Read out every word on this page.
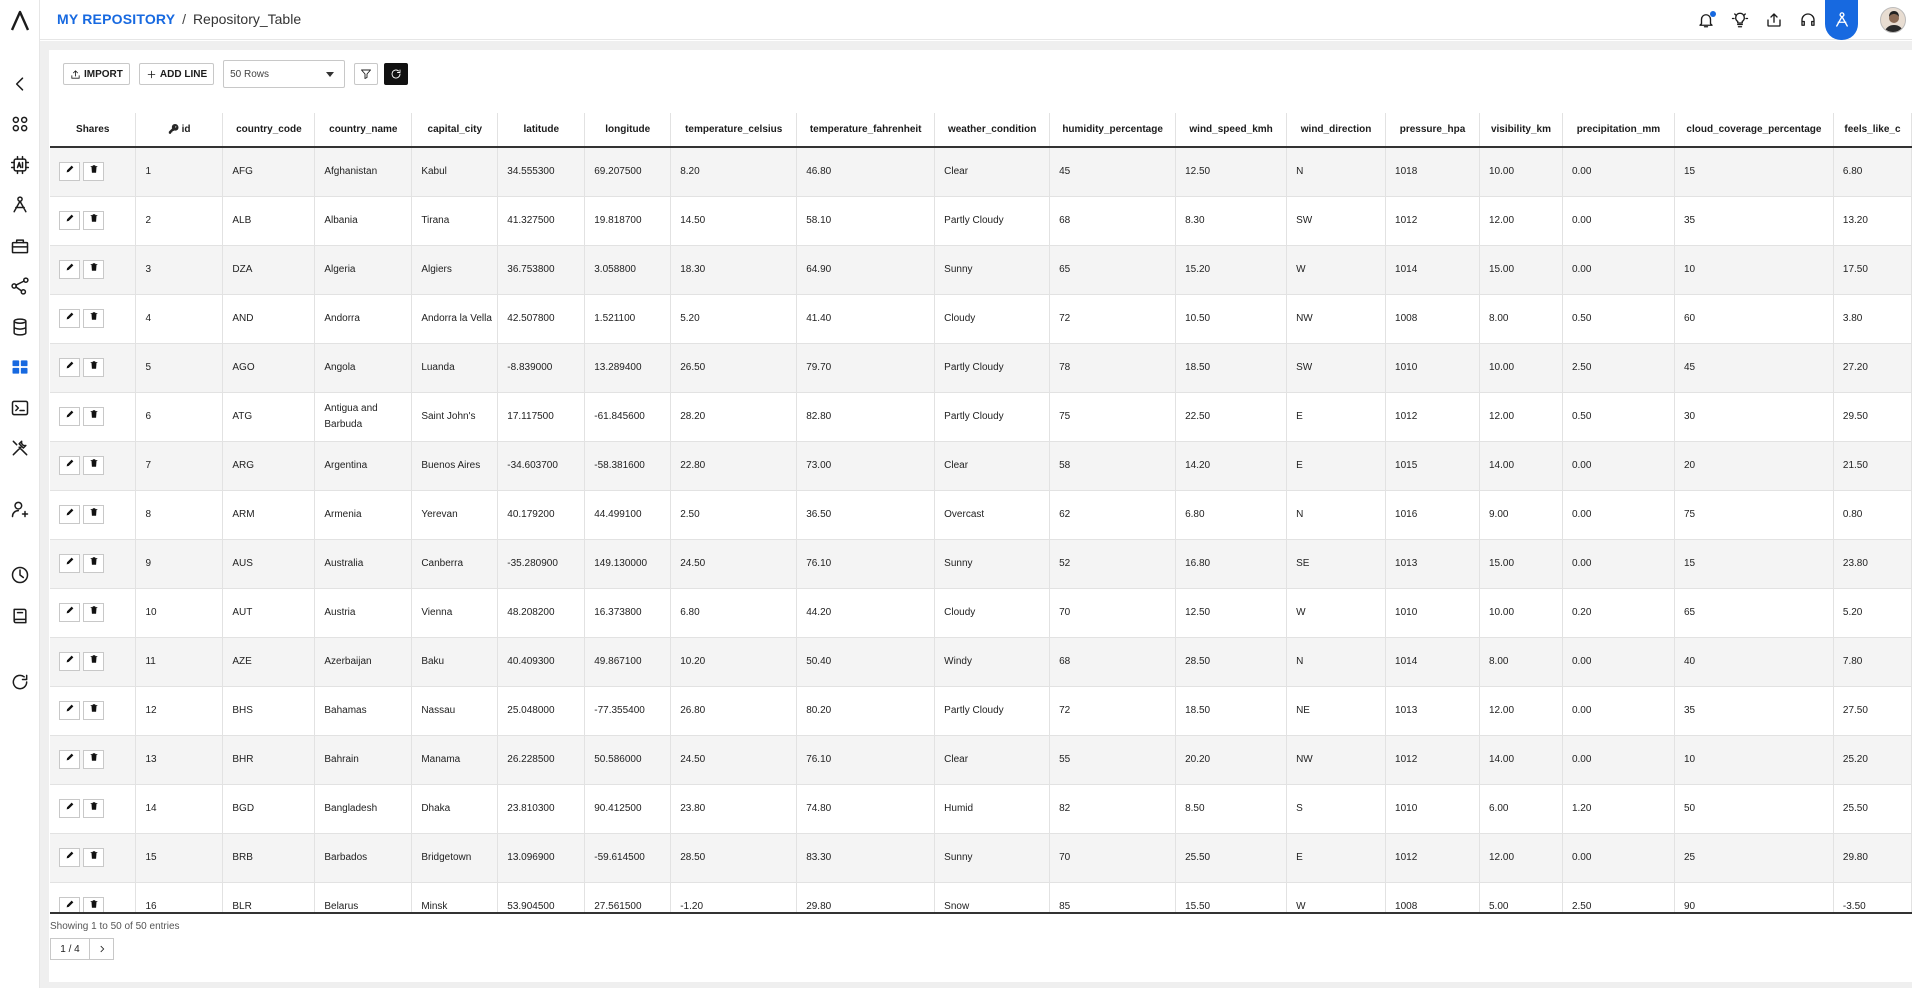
MY REPOSITORY / Repository_Table
IMPORT	ADD LINE 50 Rows
Shares	🔑 id	country_code	country_name	capital_city	latitude	longitude	temperature_celsius	temperature_fahrenheit	weather_condition	humidity_percentage	wind_speed_kmh	wind_direction	pressure_hpa	visibility_km	precipitation_mm	cloud_coverage_percentage	feels_like_c

	1	AFG	Afghanistan	Kabul	34.555300	69.207500	8.20	46.80	Clear	45	12.50	N	1018	10.00	0.00	15	6.80

	2	ALB	Albania	Tirana	41.327500	19.818700	14.50	58.10	Partly Cloudy	68	8.30	SW	1012	12.00	0.00	35	13.20

	3	DZA	Algeria	Algiers	36.753800	3.058800	18.30	64.90	Sunny	65	15.20	W	1014	15.00	0.00	10	17.50

	4	AND	Andorra	Andorra la Vella	42.507800	1.521100	5.20	41.40	Cloudy	72	10.50	NW	1008	8.00	0.50	60	3.80

	5	AGO	Angola	Luanda	-8.839000	13.289400	26.50	79.70	Partly Cloudy	78	18.50	SW	1010	10.00	2.50	45	27.20

	6	ATG	Antigua and Barbuda	Saint John's	17.117500	-61.845600	28.20	82.80	Partly Cloudy	75	22.50	E	1012	12.00	0.50	30	29.50

	7	ARG	Argentina	Buenos Aires	-34.603700	-58.381600	22.80	73.00	Clear	58	14.20	E	1015	14.00	0.00	20	21.50

	8	ARM	Armenia	Yerevan	40.179200	44.499100	2.50	36.50	Overcast	62	6.80	N	1016	9.00	0.00	75	0.80

	9	AUS	Australia	Canberra	-35.280900	149.130000	24.50	76.10	Sunny	52	16.80	SE	1013	15.00	0.00	15	23.80

	10	AUT	Austria	Vienna	48.208200	16.373800	6.80	44.20	Cloudy	70	12.50	W	1010	10.00	0.20	65	5.20

	11	AZE	Azerbaijan	Baku	40.409300	49.867100	10.20	50.40	Windy	68	28.50	N	1014	8.00	0.00	40	7.80

	12	BHS	Bahamas	Nassau	25.048000	-77.355400	26.80	80.20	Partly Cloudy	72	18.50	NE	1013	12.00	0.00	35	27.50

	13	BHR	Bahrain	Manama	26.228500	50.586000	24.50	76.10	Clear	55	20.20	NW	1012	14.00	0.00	10	25.20

	14	BGD	Bangladesh	Dhaka	23.810300	90.412500	23.80	74.80	Humid	82	8.50	S	1010	6.00	1.20	50	25.50

	15	BRB	Barbados	Bridgetown	13.096900	-59.614500	28.50	83.30	Sunny	70	25.50	E	1012	12.00	0.00	25	29.80

	16	BLR	Belarus	Minsk	53.904500	27.561500	-1.20	29.80	Snow	85	15.50	W	1008	5.00	2.50	90	-3.50
Showing 1 to 50 of 50 entries
1 / 4
